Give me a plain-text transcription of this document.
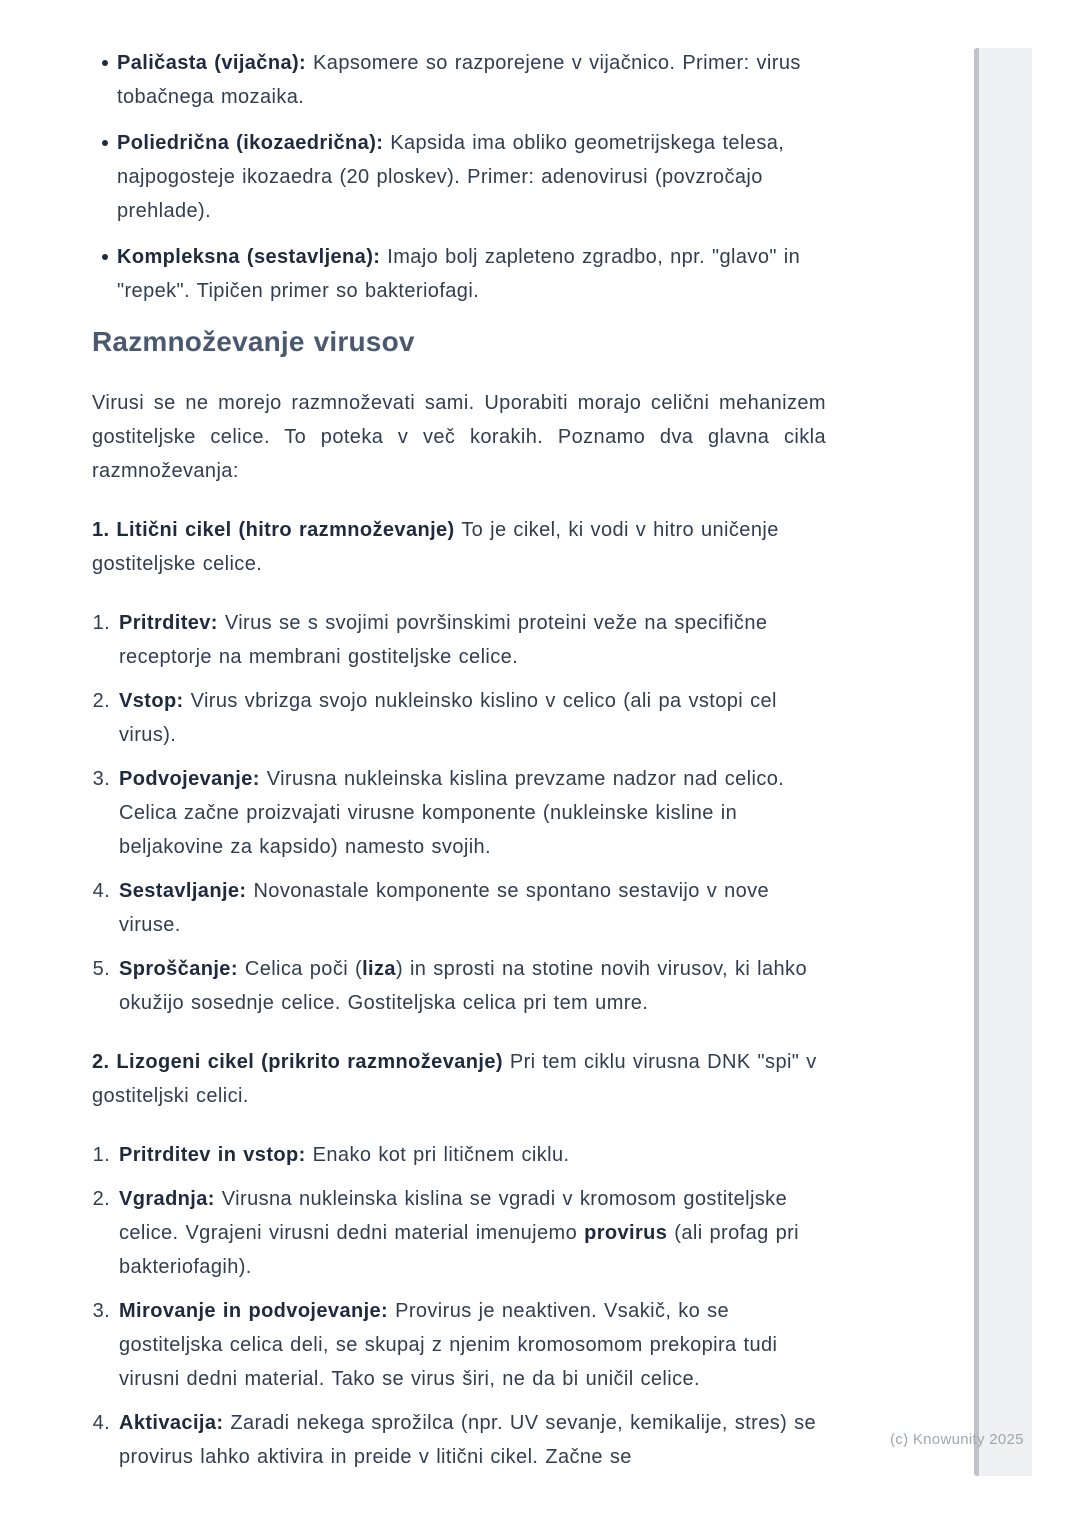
Paličasta (vijačna): Kapsomere so razporejene v vijačnico. Primer: virus tobačnega mozaika.
Poliedrična (ikozaedrična): Kapsida ima obliko geometrijskega telesa, najpogosteje ikozaedra (20 ploskev). Primer: adenovirusi (povzročajo prehlade).
Kompleksna (sestavljena): Imajo bolj zapleteno zgradbo, npr. "glavo" in "repek". Tipičen primer so bakteriofagi.
Razmnoževanje virusov

Virusi se ne morejo razmnoževati sami. Uporabiti morajo celični mehanizem gostiteljske celice. To poteka v več korakih. Poznamo dva glavna cikla razmnoževanja:

1. Litični cikel (hitro razmnoževanje) To je cikel, ki vodi v hitro uničenje gostiteljske celice.

1. Pritrditev: Virus se s svojimi površinskimi proteini veže na specifične receptorje na membrani gostiteljske celice.
2. Vstop: Virus vbrizga svojo nukleinsko kislino v celico (ali pa vstopi cel virus).
3. Podvojevanje: Virusna nukleinska kislina prevzame nadzor nad celico. Celica začne proizvajati virusne komponente (nukleinske kisline in beljakovine za kapsido) namesto svojih.
4. Sestavljanje: Novonastale komponente se spontano sestavijo v nove viruse.
5. Sproščanje: Celica poči (liza) in sprosti na stotine novih virusov, ki lahko okužijo sosednje celice. Gostiteljska celica pri tem umre.

2. Lizogeni cikel (prikrito razmnoževanje) Pri tem ciklu virusna DNK "spi" v gostiteljski celici.

1. Pritrditev in vstop: Enako kot pri litičnem ciklu.
2. Vgradnja: Virusna nukleinska kislina se vgradi v kromosom gostiteljske celice. Vgrajeni virusni dedni material imenujemo provirus (ali profag pri bakteriofagih).
3. Mirovanje in podvojevanje: Provirus je neaktiven. Vsakič, ko se gostiteljska celica deli, se skupaj z njenim kromosomom prekopira tudi virusni dedni material. Tako se virus širi, ne da bi uničil celice.
4. Aktivacija: Zaradi nekega sprožilca (npr. UV sevanje, kemikalije, stres) se provirus lahko aktivira in preide v litični cikel. Začne se
(c) Knowunity 2025
